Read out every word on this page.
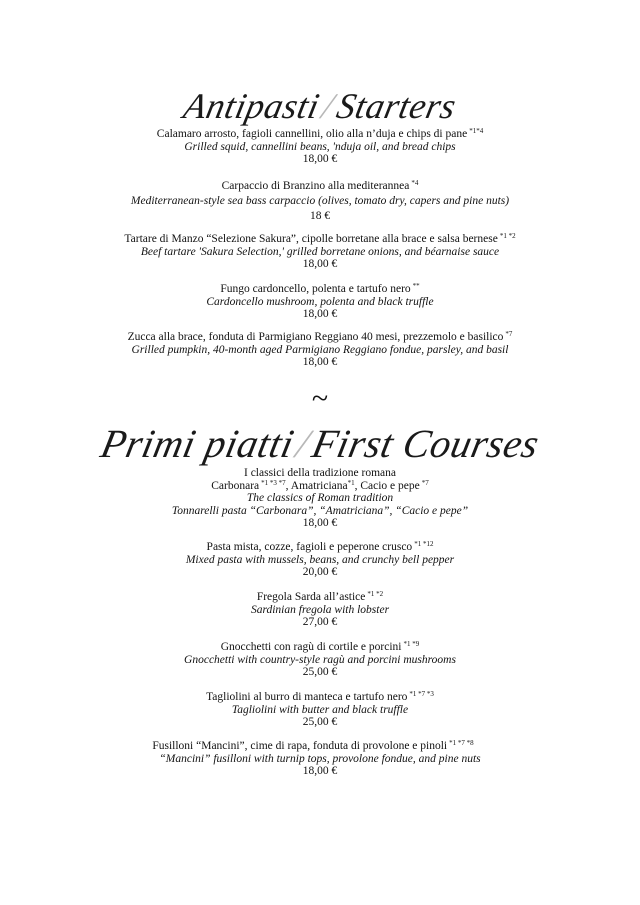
Antipasti/Starters
Calamaro arrosto, fagioli cannellini, olio alla n’duja e chips di pane $^{*1*4}$
Grilled squid, cannellini beans, 'nduja oil, and bread chips
18,00 €
Carpaccio di Branzino alla mediterannea $^{*4}$
Mediterranean-style sea bass carpaccio (olives, tomato dry, capers and pine nuts)
18 €
Tartare di Manzo “Selezione Sakura”, cipolle borretane alla brace e salsa bernese $^{*1 *2}$
Beef tartare 'Sakura Selection,' grilled borretane onions, and béarnaise sauce
18,00 €
Fungo cardoncello, polenta e tartufo nero **
Cardoncello mushroom, polenta and black truffle
18,00 €
Zucca alla brace, fonduta di Parmigiano Reggiano 40 mesi, prezzemolo e basilico $^{*7}$
Grilled pumpkin, 40-month aged Parmigiano Reggiano fondue, parsley, and basil
18,00 €
~
Primi piatti/First Courses
I classici della tradizione romana
Carbonara $^{*1 *3 *7}$, Amatriciana$^{*1}$, Cacio e pepe $^{*7}$
The classics of Roman tradition
Tonnarelli pasta “Carbonara”, “Amatriciana”, “Cacio e pepe”
18,00 €
Pasta mista, cozze, fagioli e peperone crusco $^{*1 *12}$
Mixed pasta with mussels, beans, and crunchy bell pepper
20,00 €
Fregola Sarda all’astice $^{*1 *2}$
Sardinian fregola with lobster
27,00 €
Gnocchetti con ragù di cortile e porcini $^{*1 *9}$
Gnocchetti with country-style ragù and porcini mushrooms
25,00 €
Tagliolini al burro di manteca e tartufo nero $^{*1 *7 *3}$
Tagliolini with butter and black truffle
25,00 €
Fusilloni “Mancini”, cime di rapa, fonduta di provolone e pinoli $^{*1 *7 *8}$
“Mancini” fusilloni with turnip tops, provolone fondue, and pine nuts
18,00 €
